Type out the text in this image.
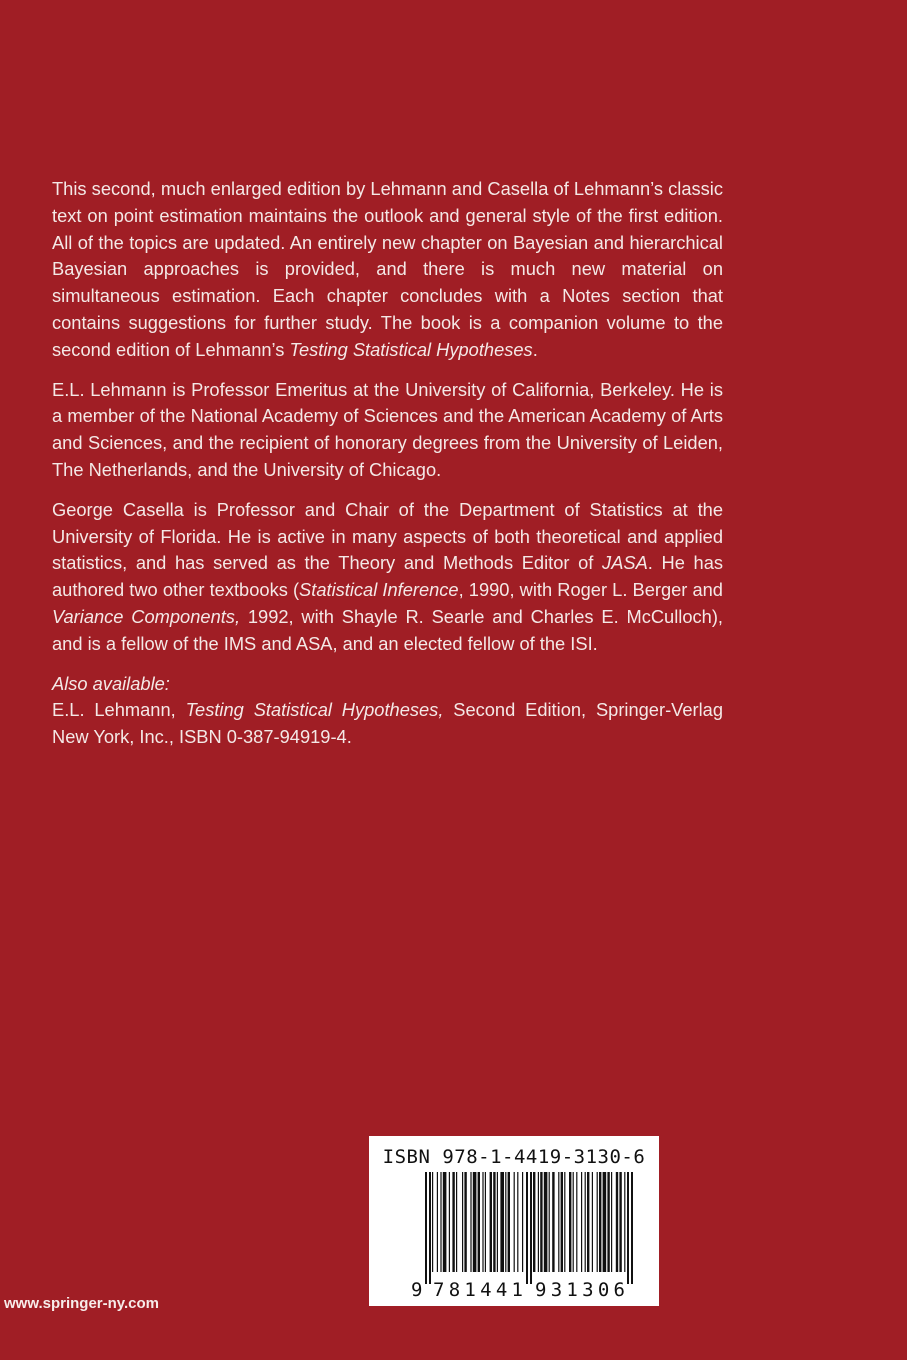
This second, much enlarged edition by Lehmann and Casella of Lehmann’s classic text on point estimation maintains the outlook and general style of the first edition. All of the topics are updated. An entirely new chapter on Bayesian and hierarchical Bayesian approaches is provided, and there is much new material on simultaneous estimation. Each chapter concludes with a Notes section that contains suggestions for further study. The book is a companion volume to the second edition of Lehmann’s Testing Statistical Hypotheses.

E.L. Lehmann is Professor Emeritus at the University of California, Berkeley. He is a member of the National Academy of Sciences and the American Academy of Arts and Sciences, and the recipient of honorary degrees from the University of Leiden, The Netherlands, and the University of Chicago.

George Casella is Professor and Chair of the Department of Statistics at the University of Florida. He is active in many aspects of both theoretical and applied statistics, and has served as the Theory and Methods Editor of JASA. He has authored two other textbooks (Statistical Inference, 1990, with Roger L. Berger and Variance Components, 1992, with Shayle R. Searle and Charles E. McCulloch), and is a fellow of the IMS and ASA, and an elected fellow of the ISI.

Also available:

E.L. Lehmann, Testing Statistical Hypotheses, Second Edition, Springer-Verlag New York, Inc., ISBN 0-387-94919-4.

ISBN 978-1-4419-3130-6
9 781441 931306
www.springer-ny.com
